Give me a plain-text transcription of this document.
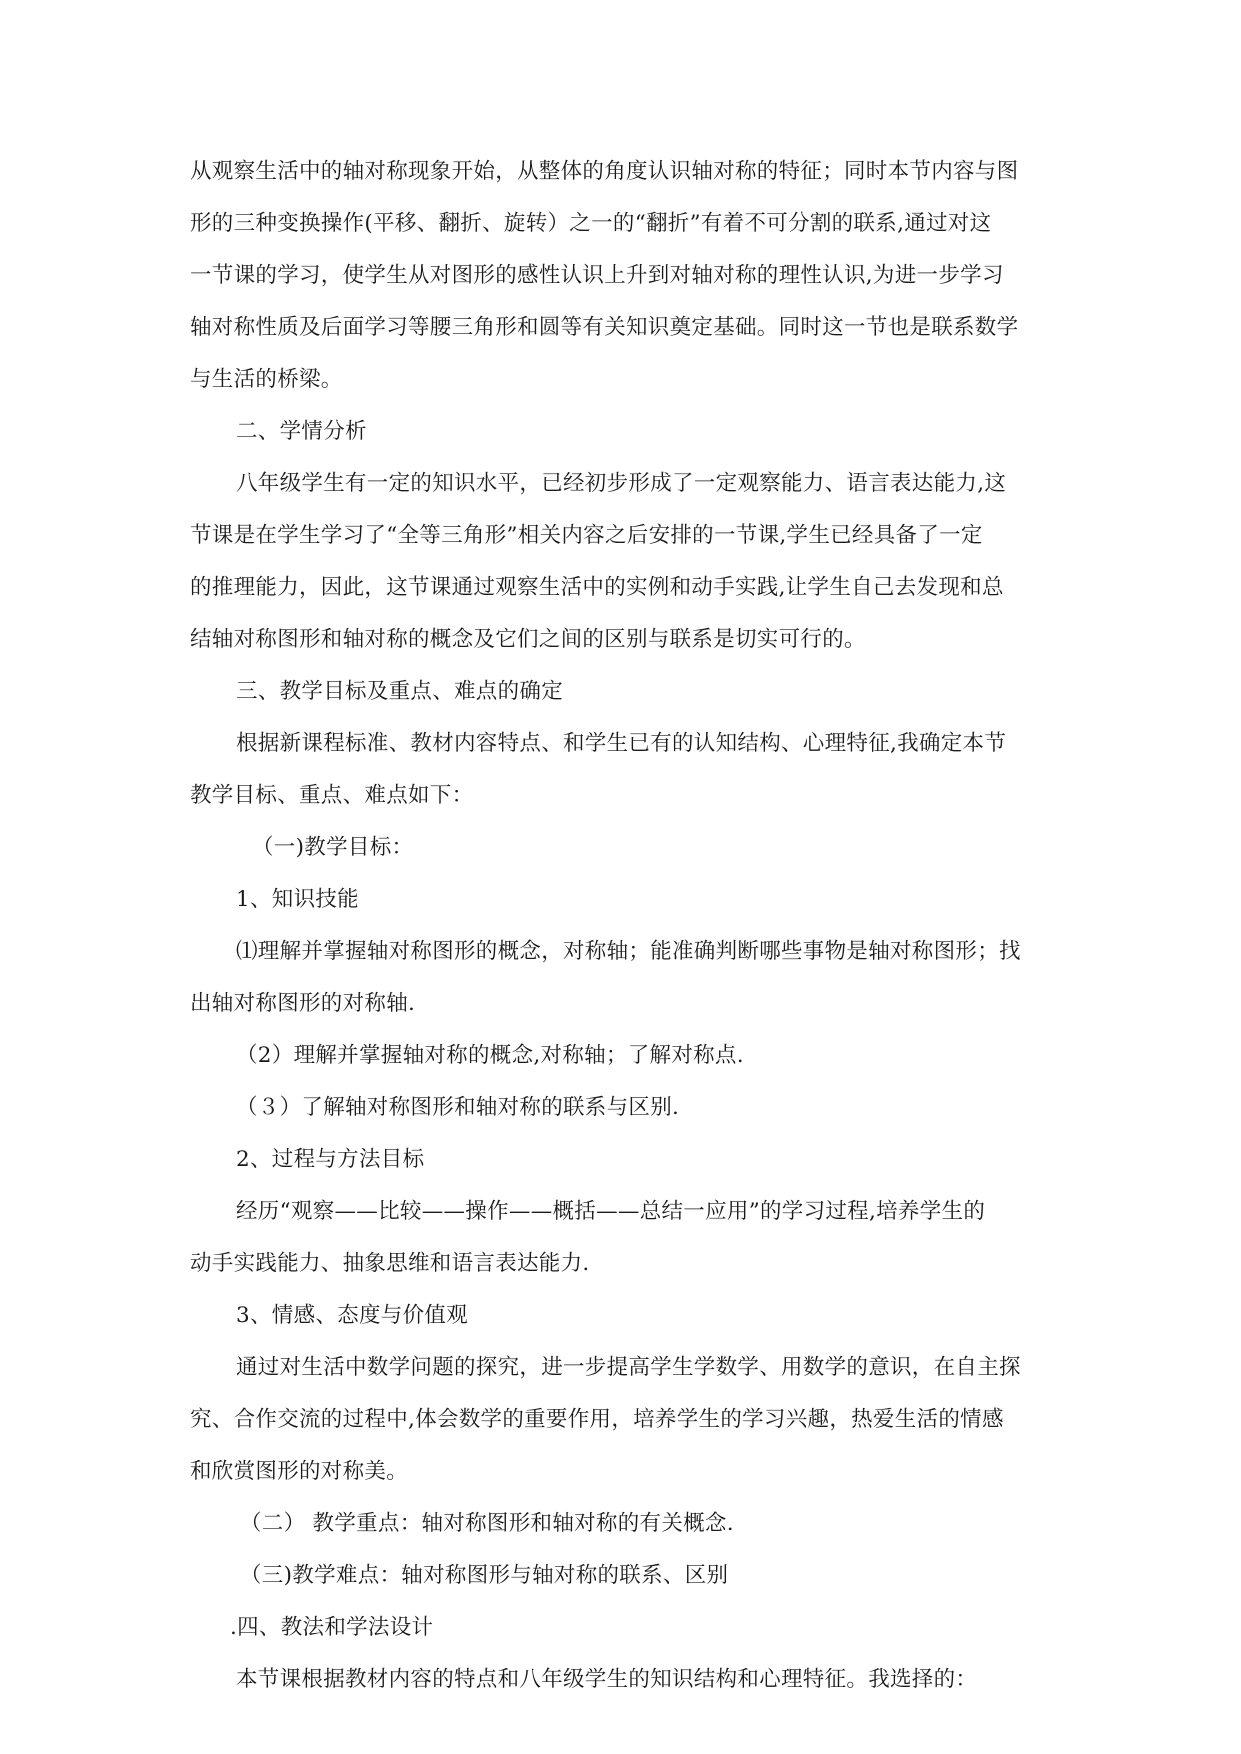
从观察生活中的轴对称现象开始，从整体的角度认识轴对称的特征；同时本节内容与图
形的三种变换操作(平移、翻折、旋转）之一的“翻折”有着不可分割的联系,通过对这
一节课的学习，使学生从对图形的感性认识上升到对轴对称的理性认识,为进一步学习
轴对称性质及后面学习等腰三角形和圆等有关知识奠定基础。同时这一节也是联系数学
与生活的桥梁。
二、学情分析
八年级学生有一定的知识水平，已经初步形成了一定观察能力、语言表达能力,这
节课是在学生学习了“全等三角形”相关内容之后安排的一节课,学生已经具备了一定
的推理能力，因此，这节课通过观察生活中的实例和动手实践,让学生自己去发现和总
结轴对称图形和轴对称的概念及它们之间的区别与联系是切实可行的。
三、教学目标及重点、难点的确定
根据新课程标准、教材内容特点、和学生已有的认知结构、心理特征,我确定本节
教学目标、重点、难点如下：
（一)教学目标：
1、知识技能
⑴理解并掌握轴对称图形的概念，对称轴；能准确判断哪些事物是轴对称图形；找
出轴对称图形的对称轴.
（2）理解并掌握轴对称的概念,对称轴；了解对称点.
（３）了解轴对称图形和轴对称的联系与区别.
2、过程与方法目标
经历“观察——比较——操作——概括——总结一应用”的学习过程,培养学生的
动手实践能力、抽象思维和语言表达能力.
3、情感、态度与价值观
通过对生活中数学问题的探究，进一步提高学生学数学、用数学的意识，在自主探
究、合作交流的过程中,体会数学的重要作用，培养学生的学习兴趣，热爱生活的情感
和欣赏图形的对称美。
（二） 教学重点：轴对称图形和轴对称的有关概念.
（三)教学难点：轴对称图形与轴对称的联系、区别
.四、教法和学法设计
本节课根据教材内容的特点和八年级学生的知识结构和心理特征。我选择的：
